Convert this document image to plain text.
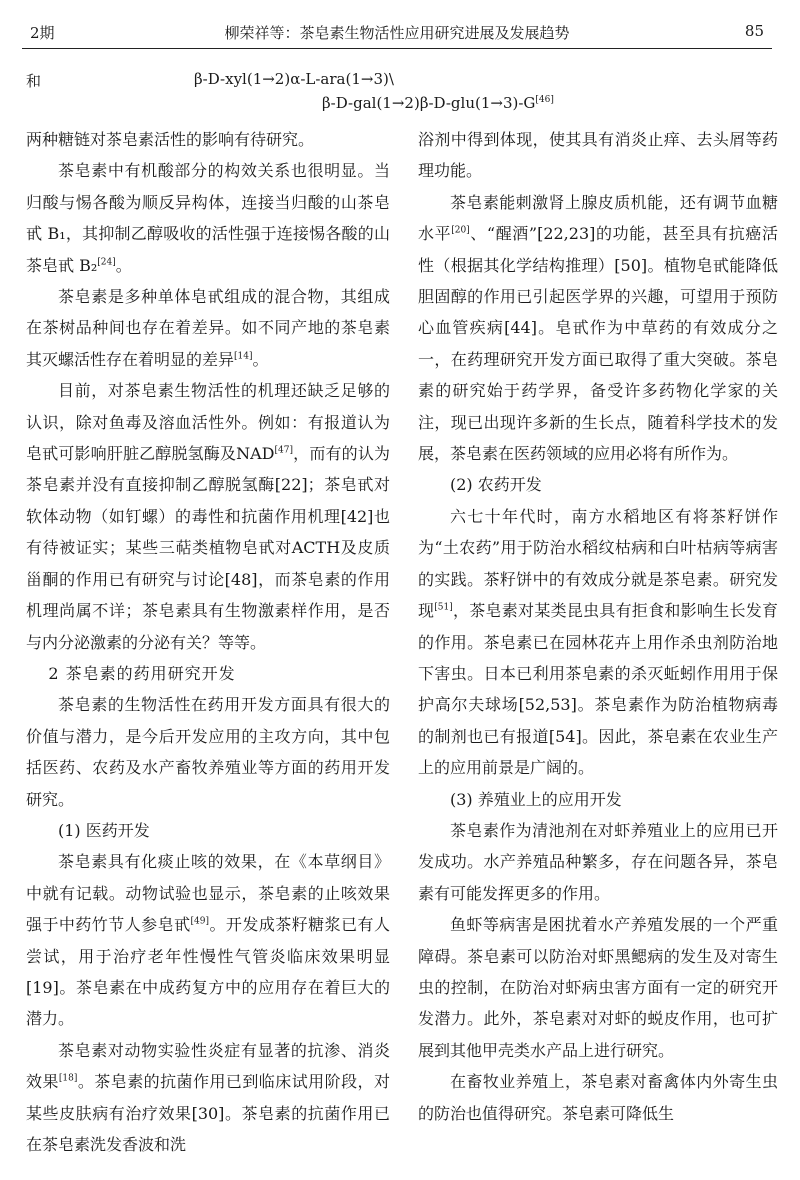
2期	柳荣祥等：茶皂素生物活性应用研究进展及发展趋势	85
和	β-D-xyl(1→2)α-L-ara(1→3)\
β-D-gal(1→2)β-D-glu(1→3)-G[46]

两种糖链对茶皂素活性的影响有待研究。

茶皂素中有机酸部分的构效关系也很明显。当归酸与惕各酸为顺反异构体，连接当归酸的山茶皂甙 B₁，其抑制乙醇吸收的活性强于连接惕各酸的山茶皂甙 B₂[24]。

茶皂素是多种单体皂甙组成的混合物，其组成在茶树品种间也存在着差异。如不同产地的茶皂素其灭螺活性存在着明显的差异[14]。

目前，对茶皂素生物活性的机理还缺乏足够的认识，除对鱼毒及溶血活性外。例如：有报道认为皂甙可影响肝脏乙醇脱氢酶及NAD[47]，而有的认为茶皂素并没有直接抑制乙醇脱氢酶[22]；茶皂甙对软体动物（如钉螺）的毒性和抗菌作用机理[42]也有待被证实；某些三萜类植物皂甙对ACTH及皮质甾酮的作用已有研究与讨论[48]，而茶皂素的作用机理尚属不详；茶皂素具有生物激素样作用，是否与内分泌激素的分泌有关？等等。

2 茶皂素的药用研究开发

茶皂素的生物活性在药用开发方面具有很大的价值与潜力，是今后开发应用的主攻方向，其中包括医药、农药及水产畜牧养殖业等方面的药用开发研究。

(1) 医药开发

茶皂素具有化痰止咳的效果，在《本草纲目》中就有记载。动物试验也显示，茶皂素的止咳效果强于中药竹节人参皂甙[49]。开发成茶籽糖浆已有人尝试，用于治疗老年性慢性气管炎临床效果明显[19]。茶皂素在中成药复方中的应用存在着巨大的潜力。

茶皂素对动物实验性炎症有显著的抗渗、消炎效果[18]。茶皂素的抗菌作用已到临床试用阶段，对某些皮肤病有治疗效果[30]。茶皂素的抗菌作用已在茶皂素洗发香波和洗

浴剂中得到体现，使其具有消炎止痒、去头屑等药理功能。

茶皂素能刺激肾上腺皮质机能，还有调节血糖水平[20]、“醒酒”[22,23]的功能，甚至具有抗癌活性（根据其化学结构推理）[50]。植物皂甙能降低胆固醇的作用已引起医学界的兴趣，可望用于预防心血管疾病[44]。皂甙作为中草药的有效成分之一，在药理研究开发方面已取得了重大突破。茶皂素的研究始于药学界，备受许多药物化学家的关注，现已出现许多新的生长点，随着科学技术的发展，茶皂素在医药领域的应用必将有所作为。

(2) 农药开发

六七十年代时，南方水稻地区有将茶籽饼作为“土农药”用于防治水稻纹枯病和白叶枯病等病害的实践。茶籽饼中的有效成分就是茶皂素。研究发现[51]，茶皂素对某类昆虫具有拒食和影响生长发育的作用。茶皂素已在园林花卉上用作杀虫剂防治地下害虫。日本已利用茶皂素的杀灭蚯蚓作用用于保护高尔夫球场[52,53]。茶皂素作为防治植物病毒的制剂也已有报道[54]。因此，茶皂素在农业生产上的应用前景是广阔的。

(3) 养殖业上的应用开发

茶皂素作为清池剂在对虾养殖业上的应用已开发成功。水产养殖品种繁多，存在问题各异，茶皂素有可能发挥更多的作用。

鱼虾等病害是困扰着水产养殖发展的一个严重障碍。茶皂素可以防治对虾黑鳃病的发生及对寄生虫的控制，在防治对虾病虫害方面有一定的研究开发潜力。此外，茶皂素对对虾的蜕皮作用，也可扩展到其他甲壳类水产品上进行研究。

在畜牧业养殖上，茶皂素对畜禽体内外寄生虫的防治也值得研究。茶皂素可降低生
